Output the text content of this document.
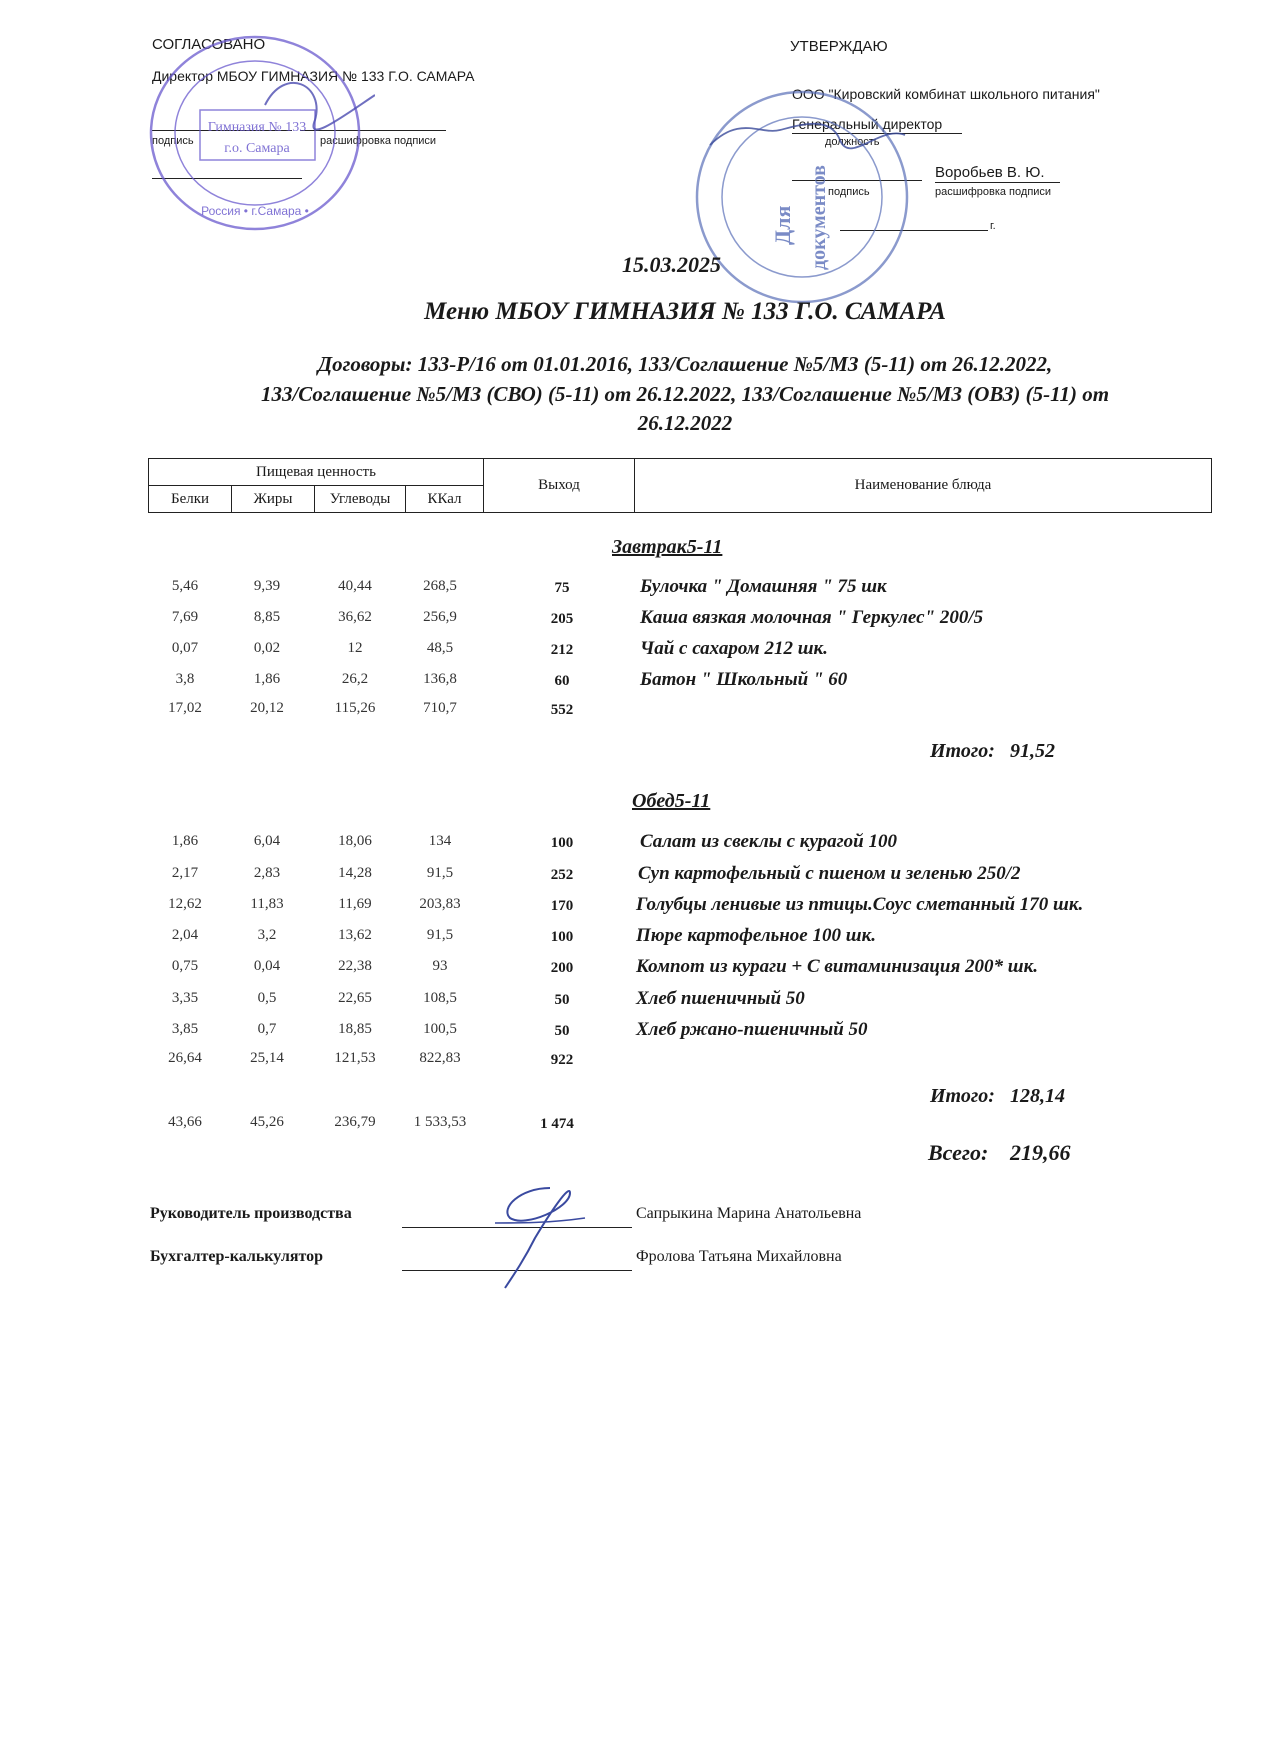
СОГЛАСОВАНО
Директор МБОУ ГИМНАЗИЯ № 133 Г.О. САМАРА
подпись	расшифровка подписи
Гимназия № 133
г.о. Самара
Россия • г.Самара •
УТВЕРЖДАЮ
ООО "Кировский комбинат школьного питания"
Генеральный директор
должность
Воробьев В. Ю.
подпись	расшифровка подписи
г.
Для документов
15.03.2025
Меню МБОУ ГИМНАЗИЯ № 133 Г.О. САМАРА
Договоры: 133-Р/16 от 01.01.2016, 133/Соглашение №5/МЗ (5-11) от 26.12.2022,
133/Соглашение №5/МЗ (СВО) (5-11) от 26.12.2022, 133/Соглашение №5/МЗ (ОВЗ) (5-11) от
26.12.2022
Пищевая ценность
Белки	Жиры	Углеводы	ККал
Выход	Наименование блюда
Завтрак5-11
5,46	9,39	40,44	268,5	75	Булочка " Домашняя " 75 шк
7,69	8,85	36,62	256,9	205	Каша вязкая молочная " Геркулес" 200/5
0,07	0,02	12	48,5	212	Чай с сахаром 212 шк.
3,8	1,86	26,2	136,8	60	Батон " Школьный " 60
17,02	20,12	115,26	710,7	552
Итого: 91,52
Обед5-11
1,86	6,04	18,06	134	100	Салат из свеклы с курагой 100
2,17	2,83	14,28	91,5	252	Суп картофельный с пшеном и зеленью 250/2
12,62	11,83	11,69	203,83	170	Голубцы ленивые из птицы.Соус сметанный 170 шк.
2,04	3,2	13,62	91,5	100	Пюре картофельное 100 шк.
0,75	0,04	22,38	93	200	Компот из кураги + С витаминизация 200* шк.
3,35	0,5	22,65	108,5	50	Хлеб пшеничный 50
3,85	0,7	18,85	100,5	50	Хлеб ржано-пшеничный 50
26,64	25,14	121,53	822,83	922
Итого: 128,14
43,66	45,26	236,79	1 533,53	1 474
Всего: 219,66
Руководитель производства	Сапрыкина Марина Анатольевна
Бухгалтер-калькулятор	Фролова Татьяна Михайловна
